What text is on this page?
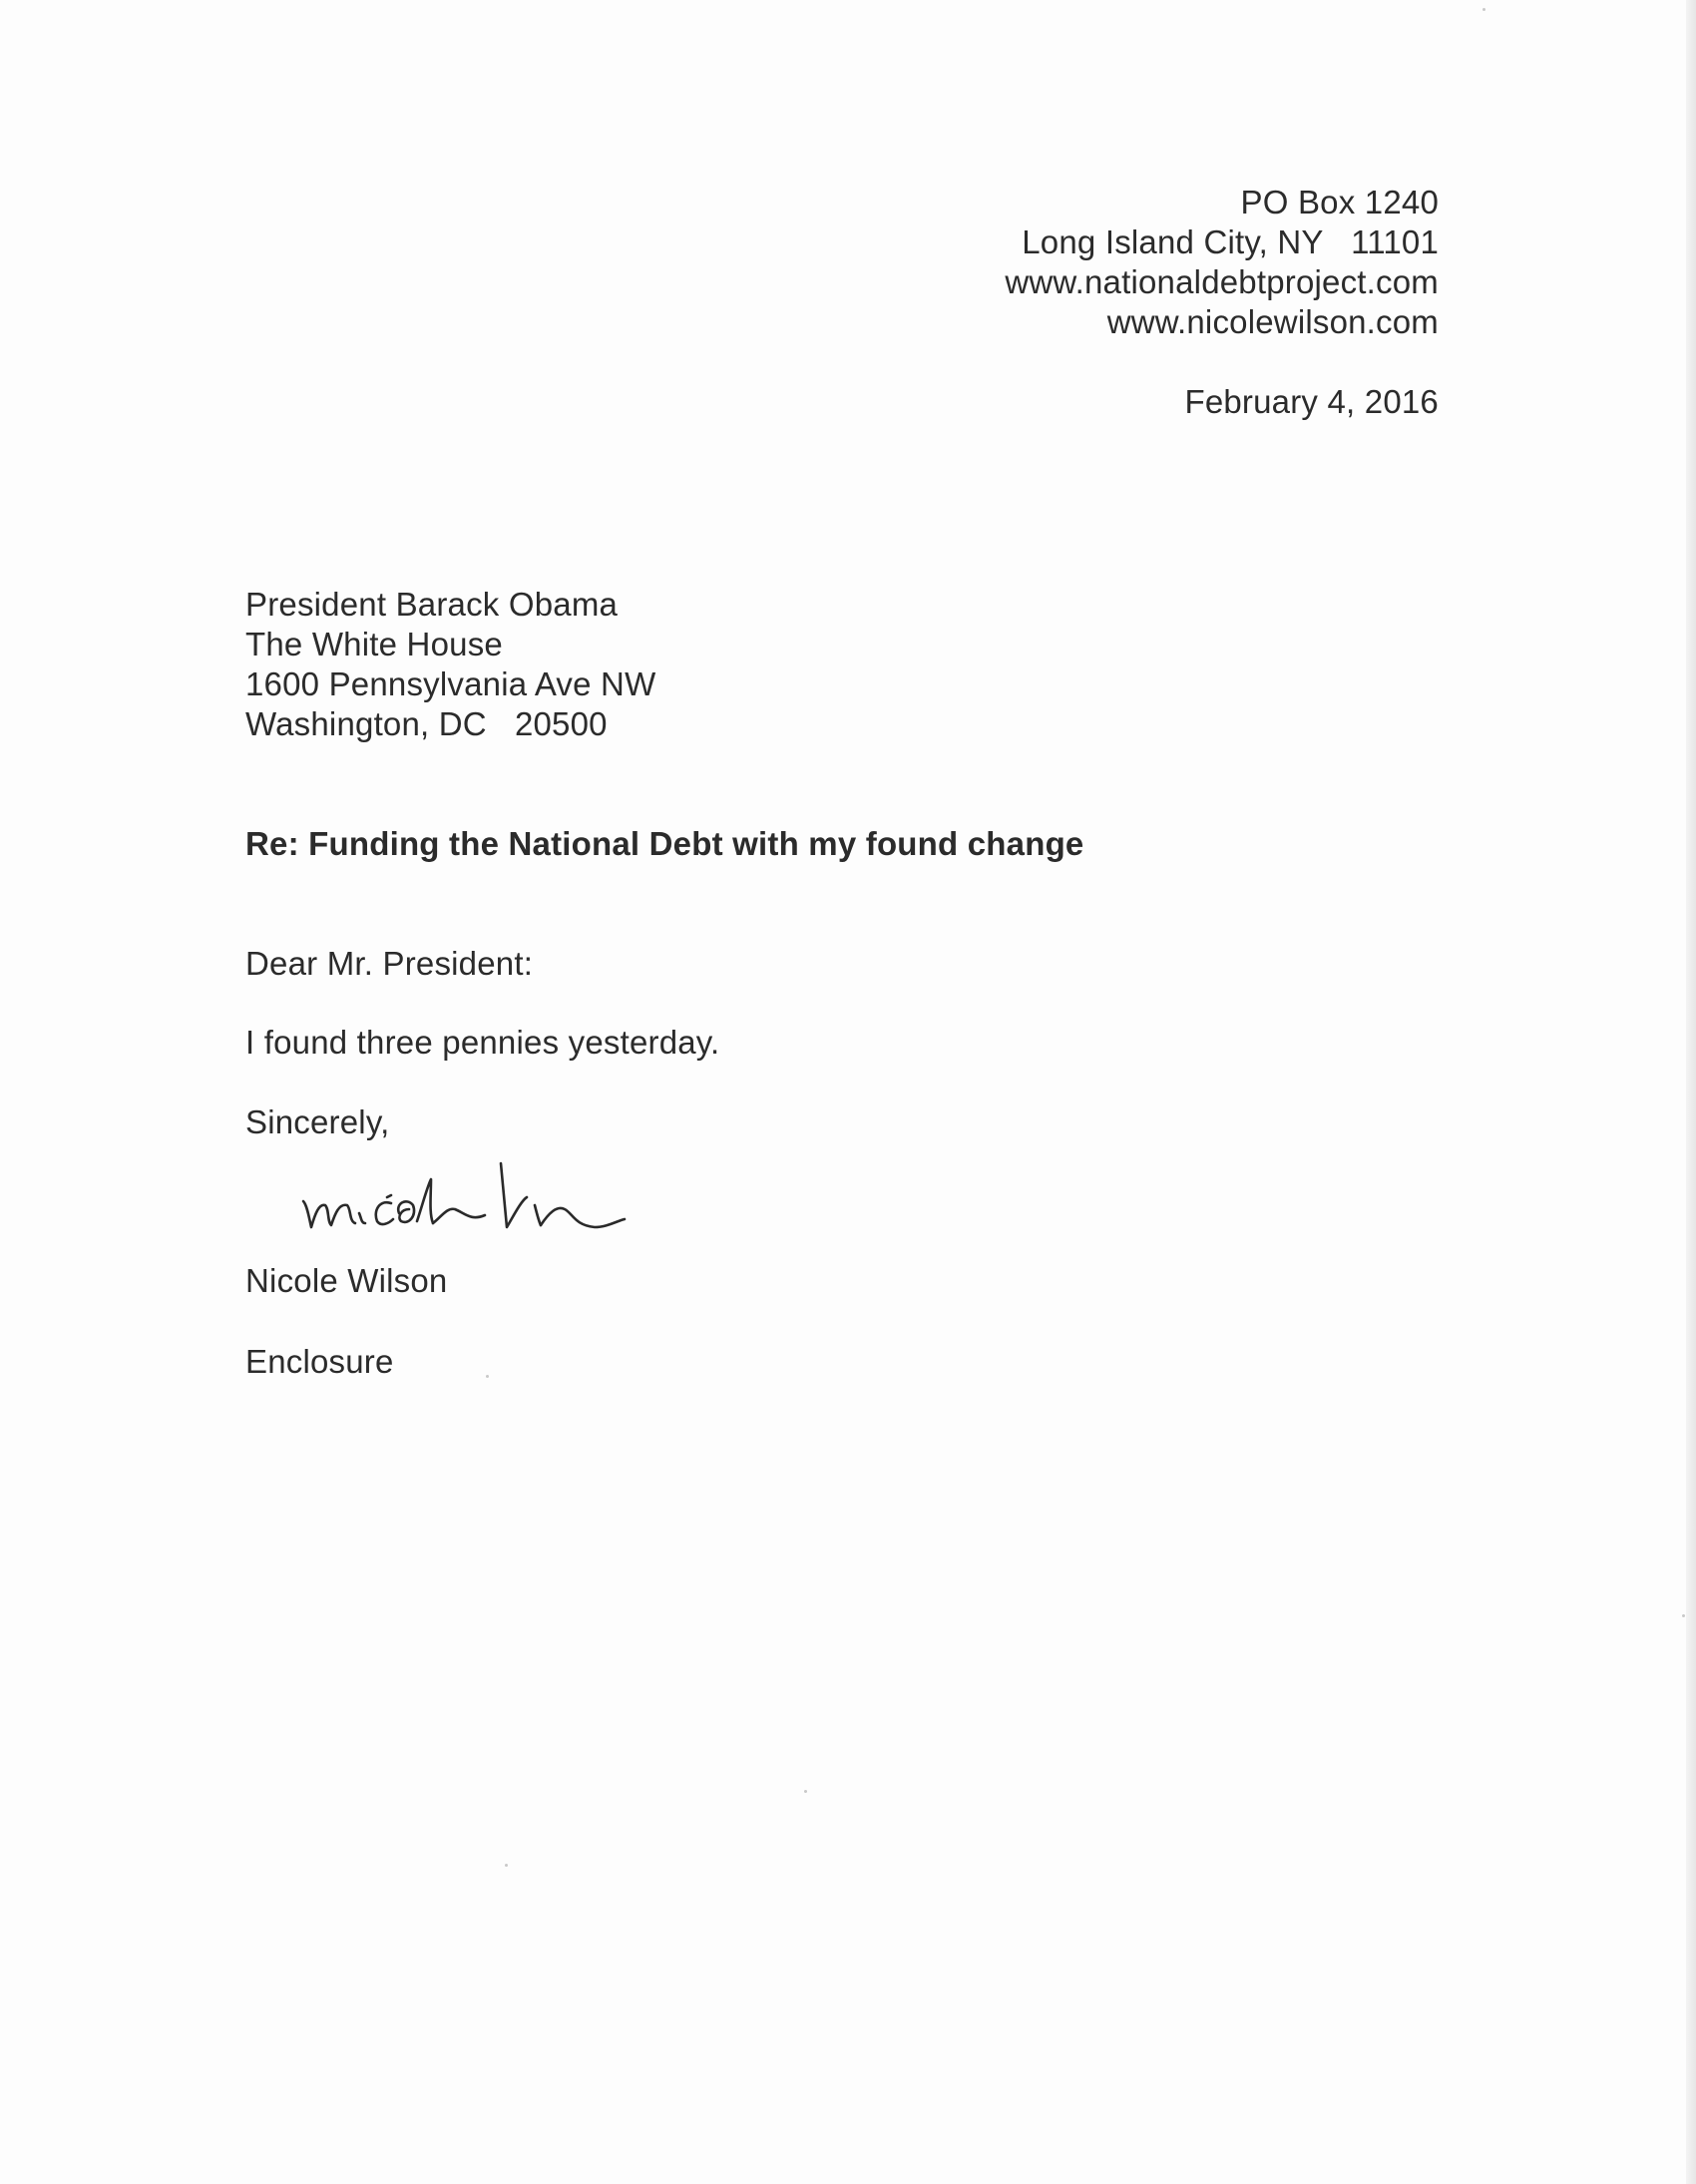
PO Box 1240
Long Island City, NY   11101
www.nationaldebtproject.com
www.nicolewilson.com
February 4, 2016
President Barack Obama
The White House
1600 Pennsylvania Ave NW
Washington, DC   20500
Re: Funding the National Debt with my found change
Dear Mr. President:
I found three pennies yesterday.
Sincerely,
Nicole Wilson
Enclosure
